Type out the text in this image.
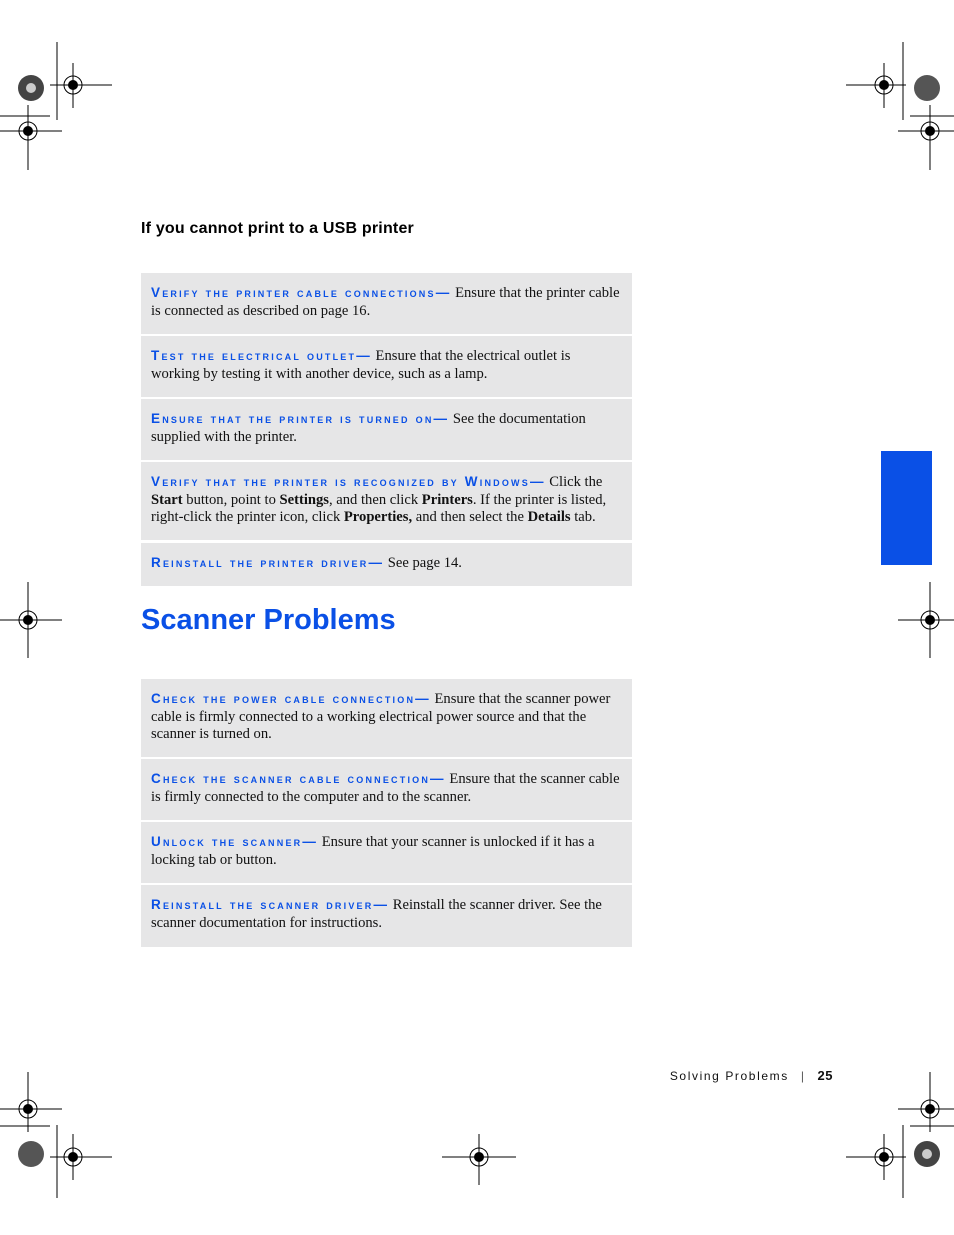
If you cannot print to a USB printer
Verify the printer cable connections— Ensure that the printer cable is connected as described on page 16.
Test the electrical outlet— Ensure that the electrical outlet is working by testing it with another device, such as a lamp.
Ensure that the printer is turned on— See the documentation supplied with the printer.
Verify that the printer is recognized by Windows— Click the Start button, point to Settings, and then click Printers. If the printer is listed, right-click the printer icon, click Properties, and then select the Details tab.
Reinstall the printer driver— See page 14.
Scanner Problems
Check the power cable connection— Ensure that the scanner power cable is firmly connected to a working electrical power source and that the scanner is turned on.
Check the scanner cable connection— Ensure that the scanner cable is firmly connected to the computer and to the scanner.
Unlock the scanner— Ensure that your scanner is unlocked if it has a locking tab or button.
Reinstall the scanner driver— Reinstall the scanner driver. See the scanner documentation for instructions.
Solving Problems | 25
